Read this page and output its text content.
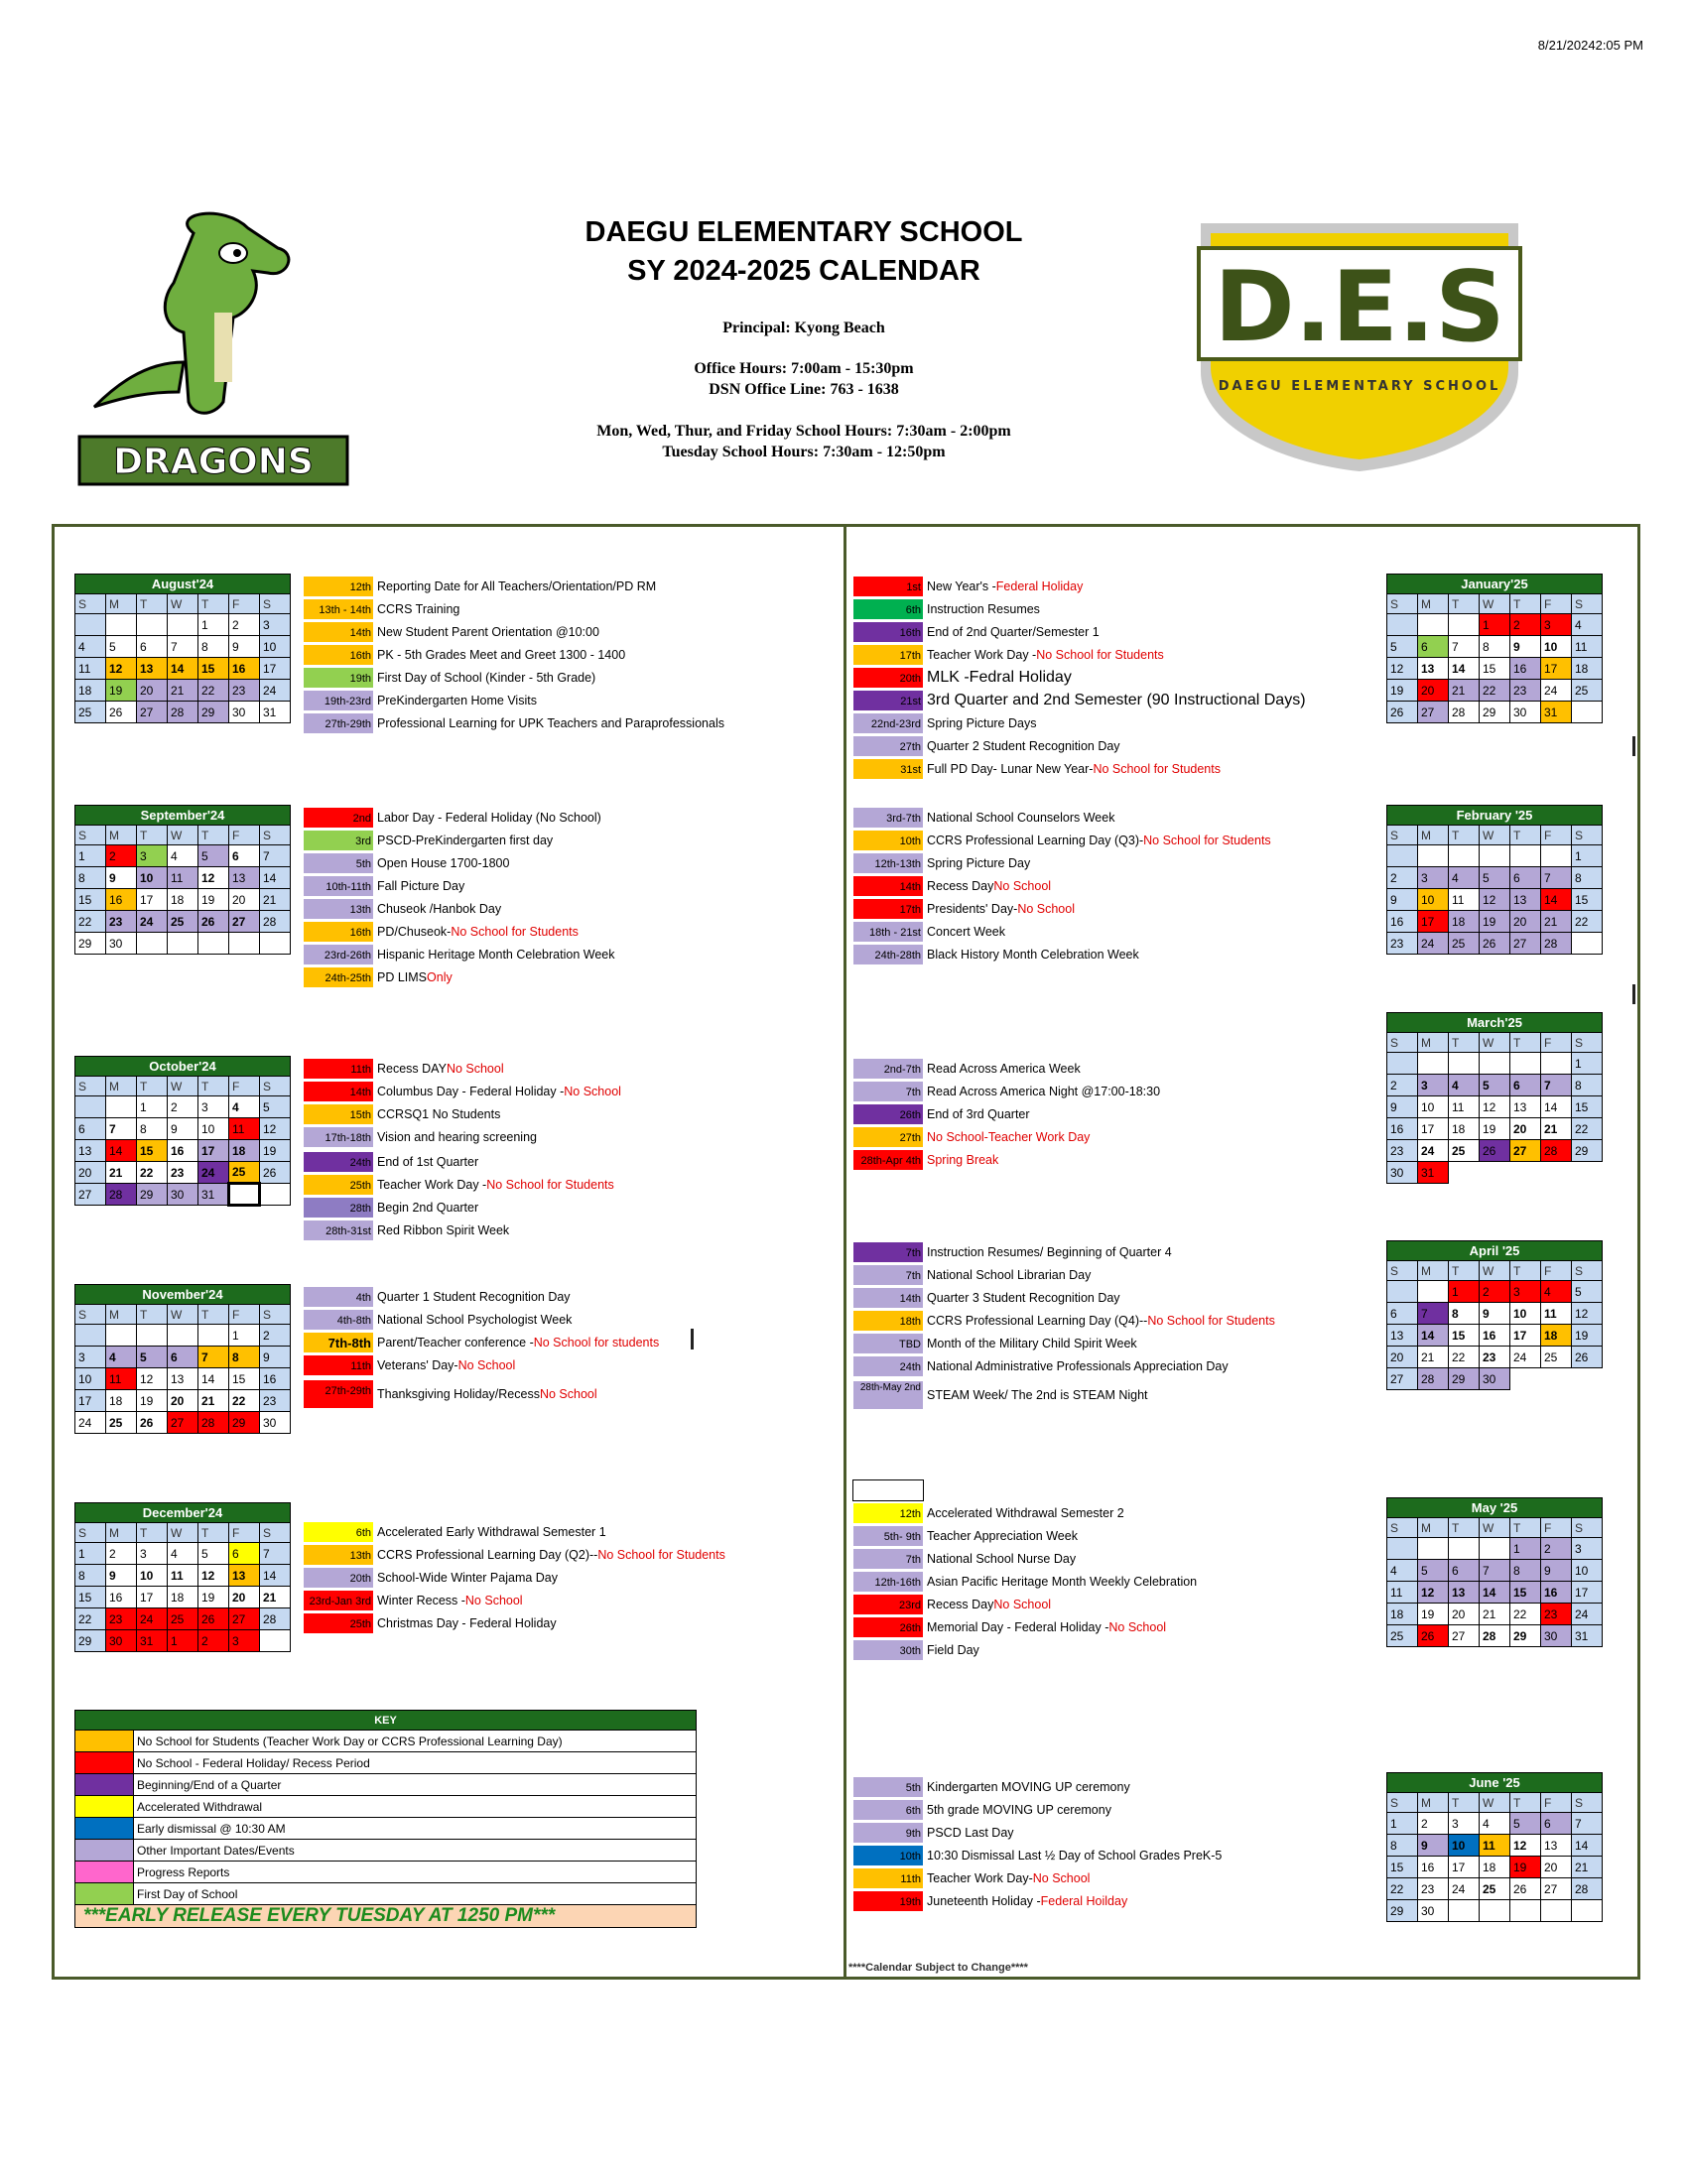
8/21/20242:05 PM
DRAGONS
DAEGU ELEMENTARY SCHOOL
SY 2024-2025 CALENDAR
Principal: Kyong Beach
Office Hours: 7:00am - 15:30pm
DSN Office Line: 763 - 1638
Mon, Wed, Thur, and Friday School Hours: 7:30am - 2:00pm
Tuesday School Hours: 7:30am - 12:50pm
D.E.S
DAEGU ELEMENTARY SCHOOL
August'24						
S	M	T	W	T	F	S
				1	2	3
4	5	6	7	8	9	10
11	12	13	14	15	16	17
18	19	20	21	22	23	24
25	26	27	28	29	30	31
September'24						
S	M	T	W	T	F	S
1	2	3	4	5	6	7
8	9	10	11	12	13	14
15	16	17	18	19	20	21
22	23	24	25	26	27	28
29	30					
October'24						
S	M	T	W	T	F	S
		1	2	3	4	5
6	7	8	9	10	11	12
13	14	15	16	17	18	19
20	21	22	23	24	25	26
27	28	29	30	31		
November'24						
S	M	T	W	T	F	S
					1	2
3	4	5	6	7	8	9
10	11	12	13	14	15	16
17	18	19	20	21	22	23
24	25	26	27	28	29	30
December'24						
S	M	T	W	T	F	S
1	2	3	4	5	6	7
8	9	10	11	12	13	14
15	16	17	18	19	20	21
22	23	24	25	26	27	28
29	30	31	1	2	3	
January'25						
S	M	T	W	T	F	S
			1	2	3	4
5	6	7	8	9	10	11
12	13	14	15	16	17	18
19	20	21	22	23	24	25
26	27	28	29	30	31	
February '25						
S	M	T	W	T	F	S
						1
2	3	4	5	6	7	8
9	10	11	12	13	14	15
16	17	18	19	20	21	22
23	24	25	26	27	28	
March'25						
S	M	T	W	T	F	S
						1
2	3	4	5	6	7	8
9	10	11	12	13	14	15
16	17	18	19	20	21	22
23	24	25	26	27	28	29
30	31					
April '25						
S	M	T	W	T	F	S
		1	2	3	4	5
6	7	8	9	10	11	12
13	14	15	16	17	18	19
20	21	22	23	24	25	26
27	28	29	30			
May '25						
S	M	T	W	T	F	S
				1	2	3
4	5	6	7	8	9	10
11	12	13	14	15	16	17
18	19	20	21	22	23	24
25	26	27	28	29	30	31
June '25						
S	M	T	W	T	F	S
1	2	3	4	5	6	7
8	9	10	11	12	13	14
15	16	17	18	19	20	21
22	23	24	25	26	27	28
29	30					
12th Reporting Date for All Teachers/Orientation/PD RM
13th - 14th CCRS Training
14th New Student Parent Orientation @10:00
16th PK - 5th Grades Meet and Greet 1300 - 1400
19th First Day of School (Kinder - 5th Grade)
19th-23rd PreKindergarten Home Visits
27th-29th Professional Learning for UPK Teachers and Paraprofessionals
2nd Labor Day - Federal Holiday (No School)
3rd PSCD-PreKindergarten first day
5th Open House 1700-1800
10th-11th Fall Picture Day
13th Chuseok /Hanbok Day
16th PD/Chuseok- No School for Students
23rd-26th Hispanic Heritage Month Celebration Week
24th-25th PD LIMS Only
11th Recess DAY No School
14th Columbus Day - Federal Holiday - No School
15th CCRSQ1 No Students
17th-18th Vision and hearing screening
24th End of 1st Quarter
25th Teacher Work Day - No School for Students
28th Begin 2nd Quarter
28th-31st Red Ribbon Spirit Week
4th Quarter 1 Student Recognition Day
4th-8th National School Psychologist Week
7th-8th Parent/Teacher conference - No School for students
11th Veterans' Day- No School
27th-29th Thanksgiving Holiday/Recess No School
6th Accelerated Early Withdrawal Semester 1
13th CCRS Professional Learning Day (Q2)-- No School for Students
20th School-Wide Winter Pajama Day
23rd-Jan 3rd Winter Recess - No School
25th Christmas Day - Federal Holiday
1st New Year's - Federal Holiday
6th Instruction Resumes
16th End of 2nd Quarter/Semester 1
17th Teacher Work Day - No School for Students
20th MLK -Fedral Holiday
21st 3rd Quarter and 2nd Semester (90 Instructional Days)
22nd-23rd Spring Picture Days
27th Quarter 2 Student Recognition Day
31st Full PD Day- Lunar New Year- No School for Students
3rd-7th National School Counselors Week
10th CCRS Professional Learning Day (Q3)- No School for Students
12th-13th Spring Picture Day
14th Recess Day No School
17th Presidents' Day- No School
18th - 21st Concert Week
24th-28th Black History Month Celebration Week
2nd-7th Read Across America Week
7th Read Across America Night @17:00-18:30
26th End of 3rd Quarter
27th No School-Teacher Work Day
28th-Apr 4th Spring Break
7th Instruction Resumes/ Beginning of Quarter 4
7th National School Librarian Day
14th Quarter 3 Student Recognition Day
18th CCRS Professional Learning Day (Q4)-- No School for Students
TBD Month of the Military Child Spirit Week
24th National Administrative Professionals Appreciation Day
28th-May 2nd
STEAM Week/ The 2nd is STEAM Night
12th Accelerated Withdrawal Semester 2
5th- 9th Teacher Appreciation Week
7th National School Nurse Day
12th-16th Asian Pacific Heritage Month Weekly Celebration
23rd Recess Day No School
26th Memorial Day - Federal Holiday - No School
30th Field Day
5th Kindergarten MOVING UP ceremony
6th 5th grade MOVING UP ceremony
9th PSCD Last Day
10th 10:30 Dismissal Last ½ Day of School Grades PreK-5
11th Teacher Work Day- No School
19th Juneteenth Holiday - Federal Hoilday
KEY	
	No School for Students (Teacher Work Day or CCRS Professional Learning Day)
	No School - Federal Holiday/ Recess Period
	Beginning/End of a Quarter
	Accelerated Withdrawal
	Early dismissal @ 10:30 AM
	Other Important Dates/Events
	Progress Reports
	First Day of School
***EARLY RELEASE EVERY TUESDAY AT 1250 PM***	
****Calendar Subject to Change****
